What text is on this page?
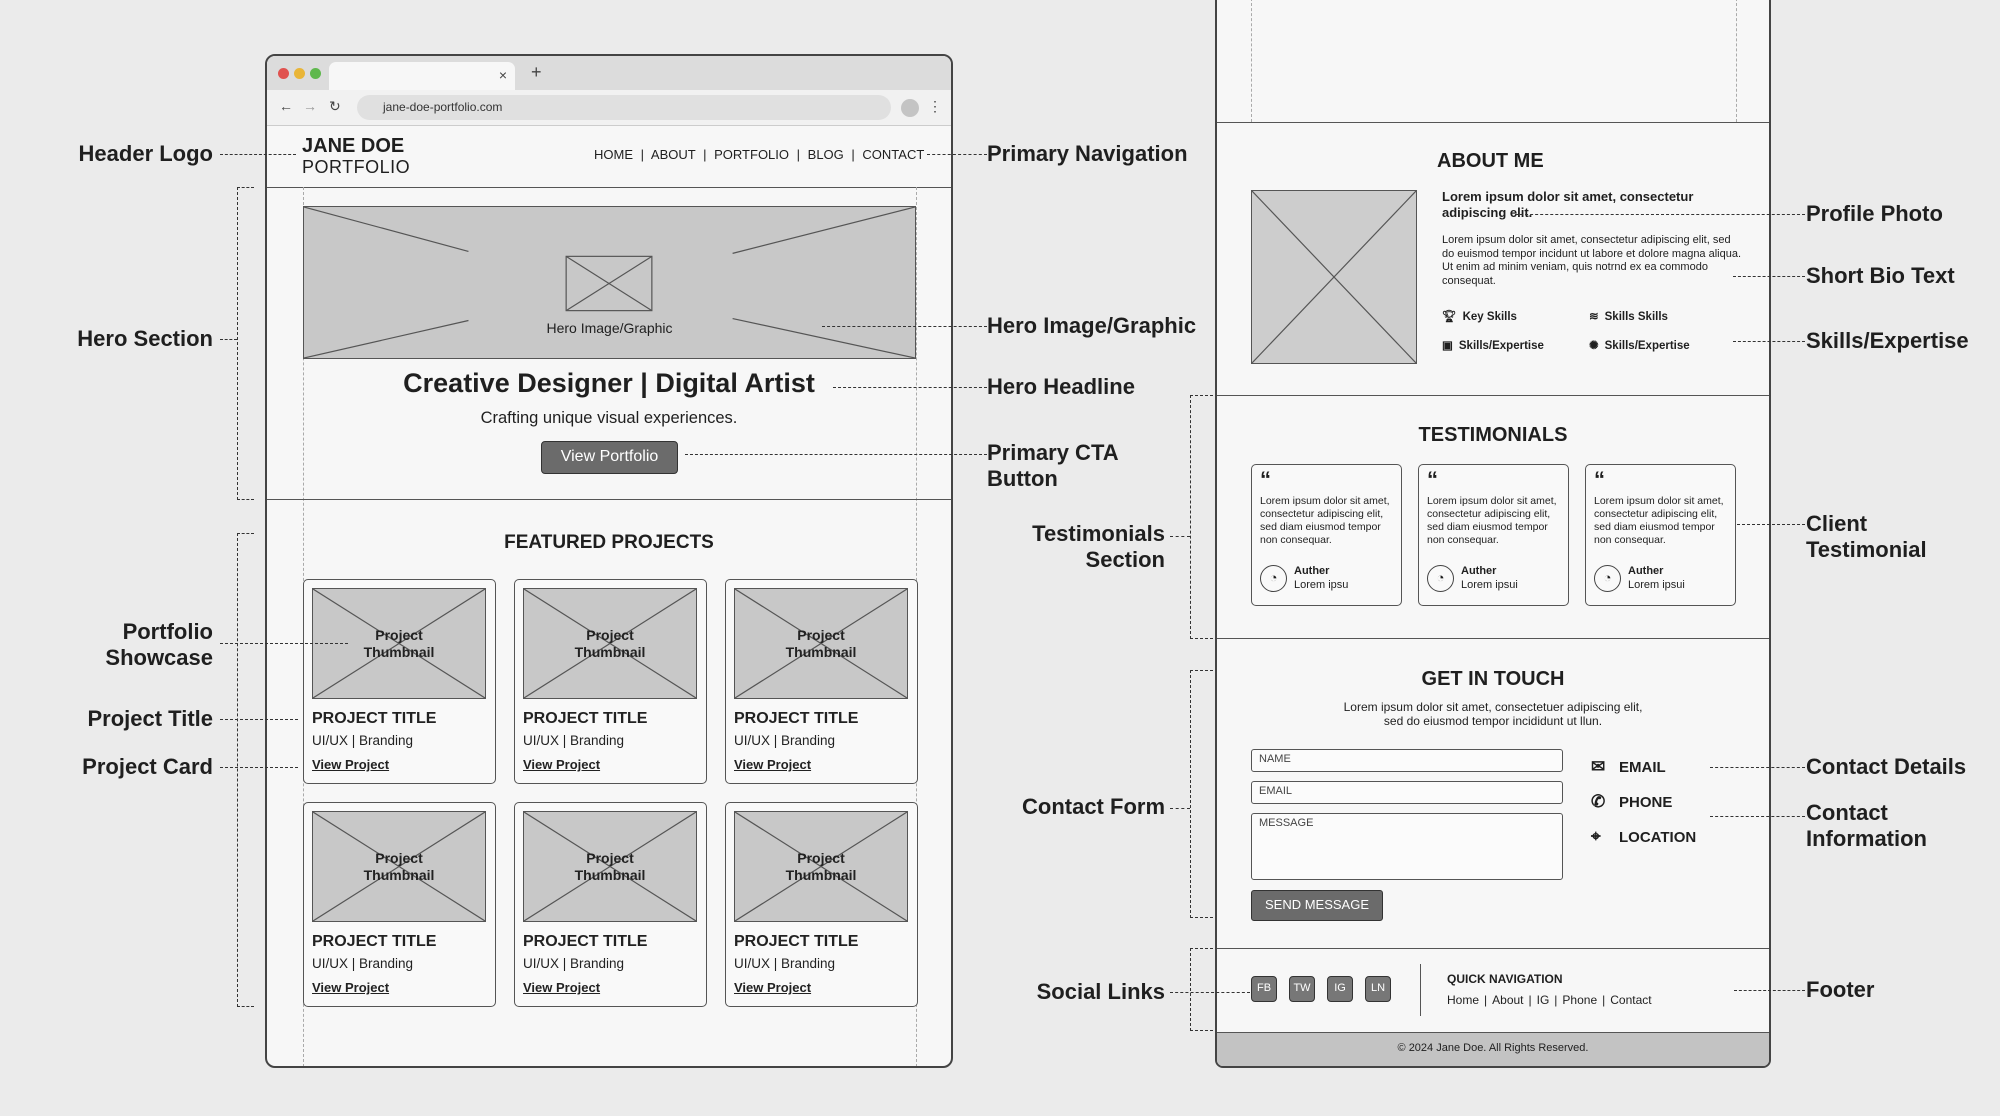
× +
← → ↻	jane-doe-portfolio.com	⋮
JANE DOE
PORTFOLIO
HOME | ABOUT | PORTFOLIO | BLOG | CONTACT
Hero Image/Graphic
Creative Designer | Digital Artist
Crafting unique visual experiences.
View Portfolio
FEATURED PROJECTS
Project
Thumbnail
PROJECT TITLE
UI/UX | Branding
View Project
Project
Thumbnail
PROJECT TITLE
UI/UX | Branding
View Project
Project
Thumbnail
PROJECT TITLE
UI/UX | Branding
View Project
Project
Thumbnail
PROJECT TITLE
UI/UX | Branding
View Project
Project
Thumbnail
PROJECT TITLE
UI/UX | Branding
View Project
Project
Thumbnail
PROJECT TITLE
UI/UX | Branding
View Project
ABOUT ME
Lorem ipsum dolor sit amet, consectetur adipiscing elit.
Lorem ipsum dolor sit amet, consectetur adipiscing elit, sed do euismod tempor incidunt ut labore et dolore magna aliqua. Ut enim ad minim veniam, quis notrnd ex ea commodo consequat.
🏆︎ Key Skills	≋ Skills Skills
▣ Skills/Expertise	✺ Skills/Expertise
TESTIMONIALS
“
Lorem ipsum dolor sit amet, consectetur adipiscing elit, sed diam eiusmod tempor non consequar.
◔	Auther
Lorem ipsu
“
Lorem ipsum dolor sit amet, consectetur adipiscing elit, sed diam eiusmod tempor non consequar.
◔	Auther
Lorem ipsui
“
Lorem ipsum dolor sit amet, consectetur adipiscing elit, sed diam eiusmod tempor non consequar.
◔	Auther
Lorem ipsui
GET IN TOUCH
Lorem ipsum dolor sit amet, consectetuer adipiscing elit,
sed do eiusmod tempor incididunt ut llun.
NAME
EMAIL
MESSAGE
SEND MESSAGE
✉ EMAIL
✆ PHONE
⌖ LOCATION
FB	TW	IG	LN
QUICK NAVIGATION
Home | About | IG | Phone | Contact
© 2024 Jane Doe. All Rights Reserved.
Header Logo
Hero Section
Portfolio
Showcase
Project Title
Project Card
Primary Navigation
Hero Image/Graphic
Hero Headline
Primary CTA
Button
Testimonials
Section
Contact Form
Social Links
Profile Photo
Short Bio Text
Skills/Expertise
Client
Testimonial
Contact Details
Contact
Information
Footer
